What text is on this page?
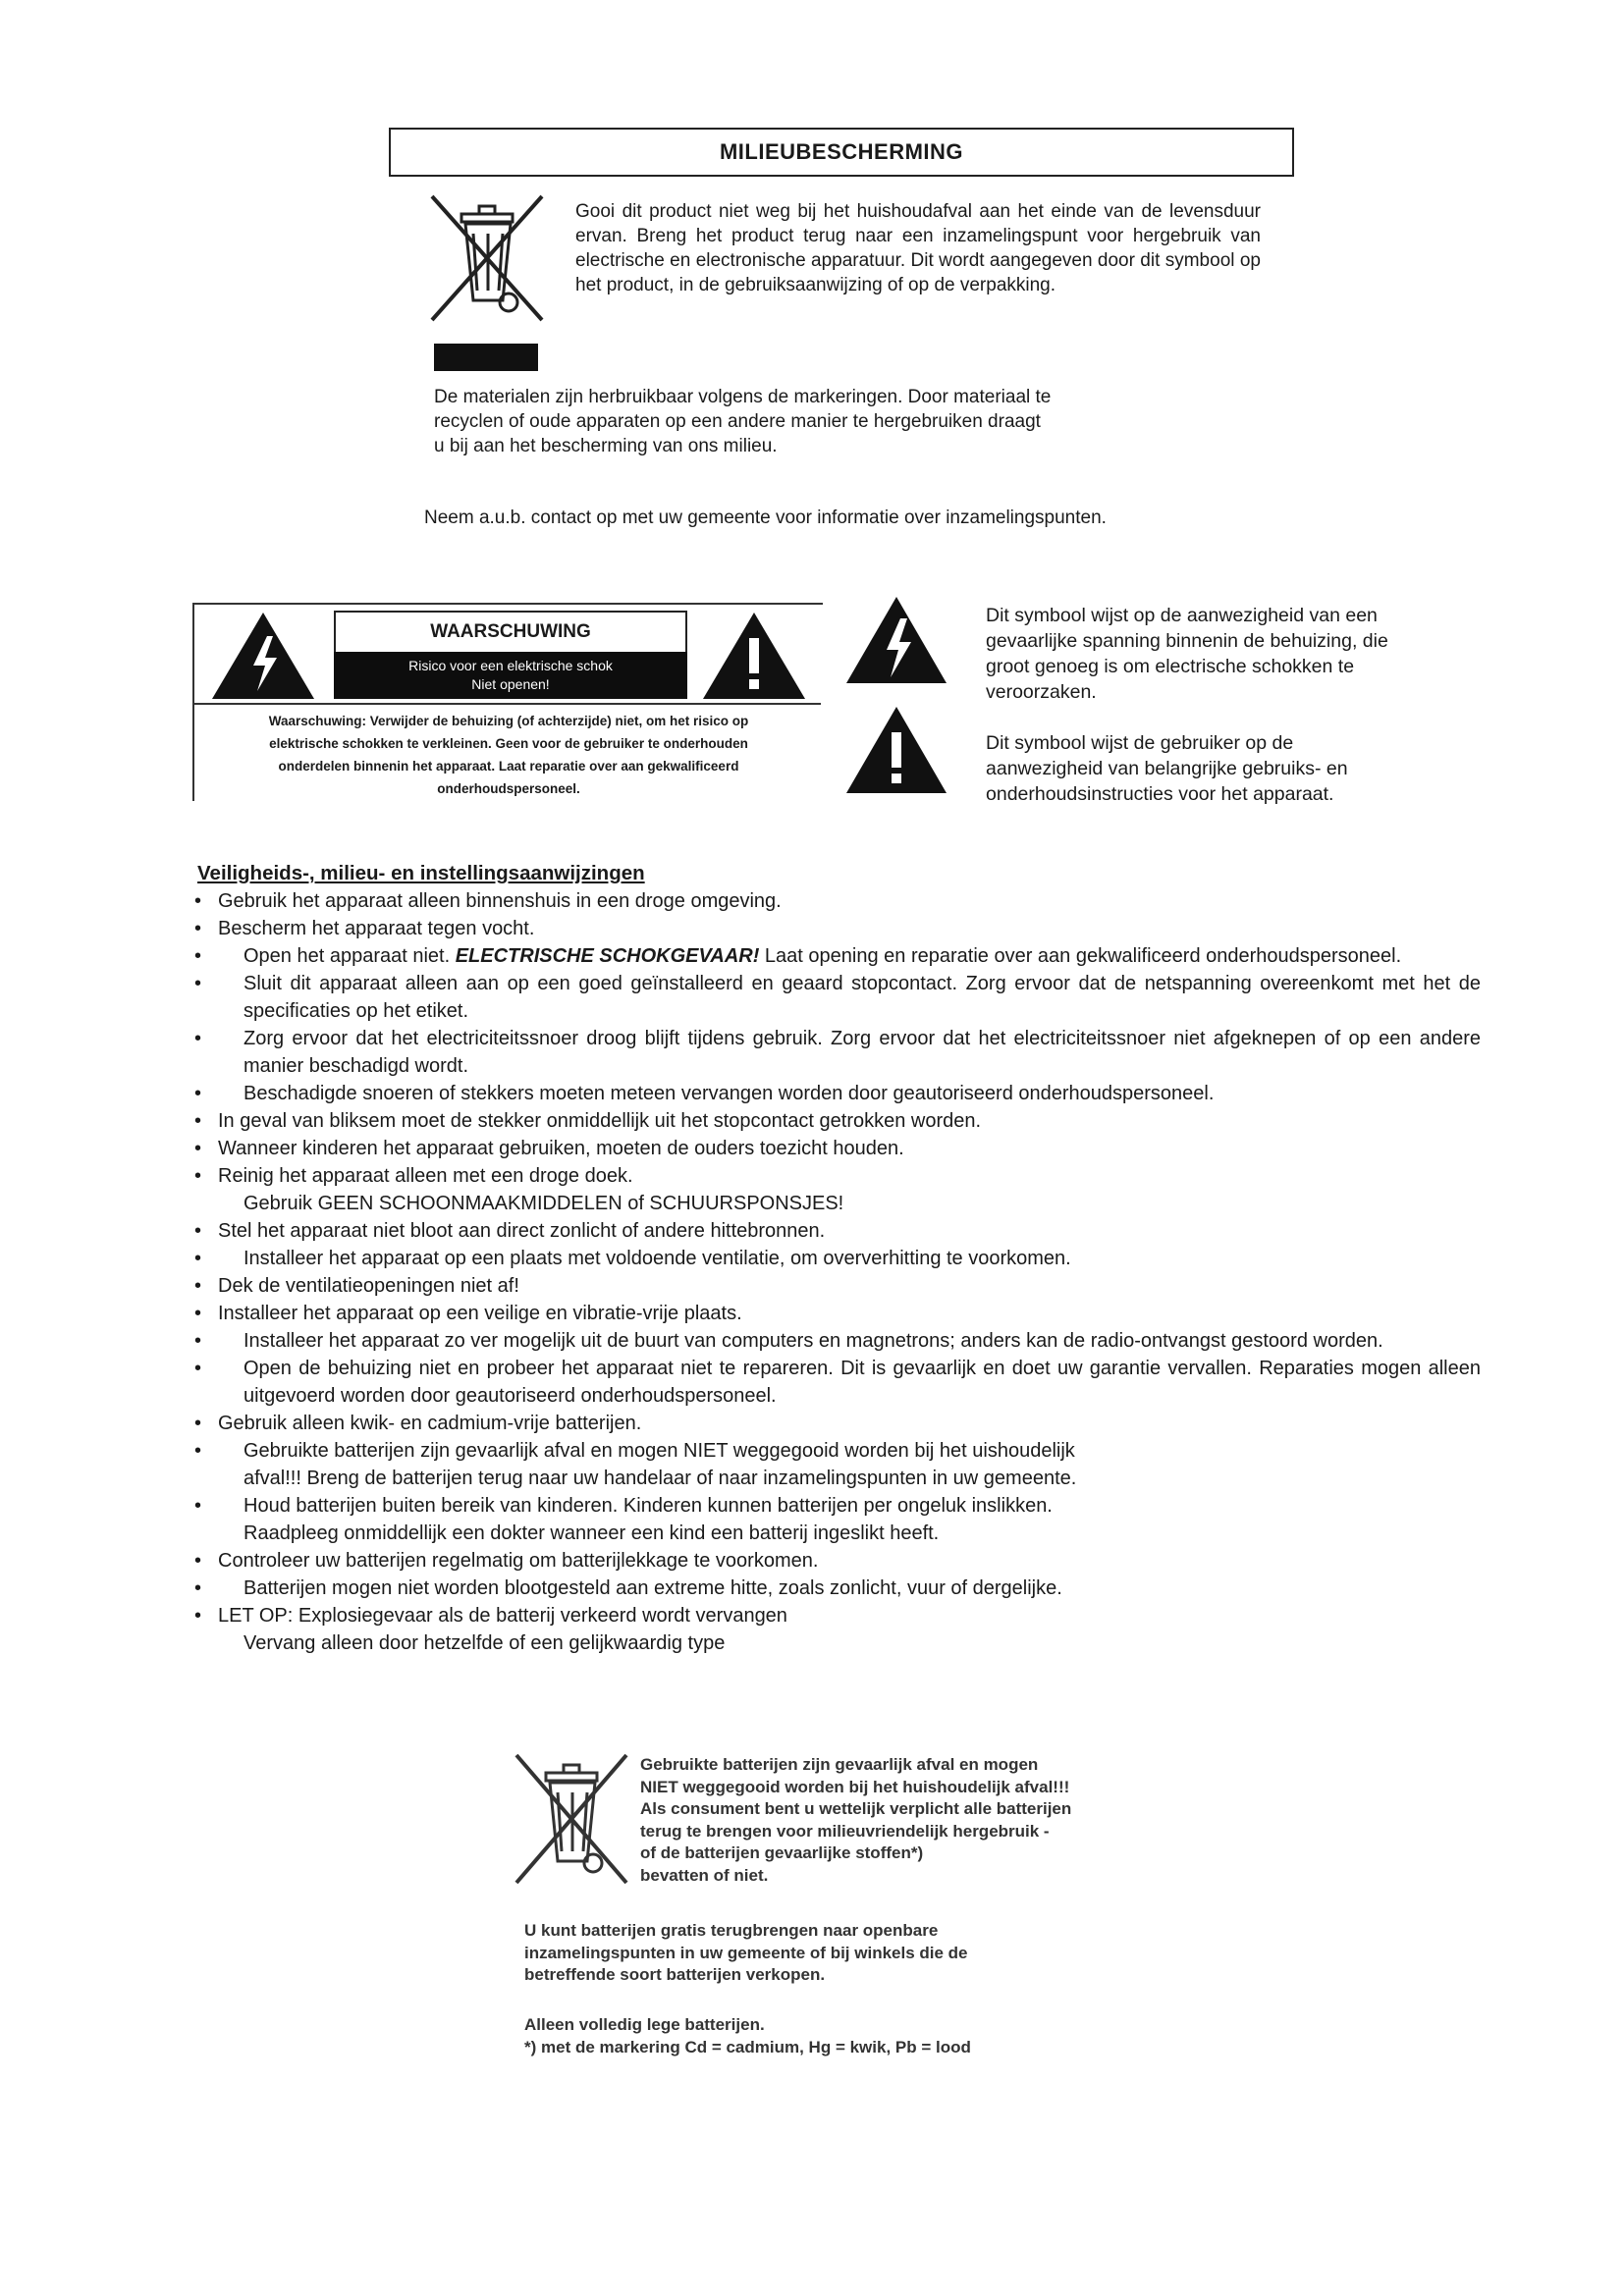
MILIEUBESCHERMING
Gooi dit product niet weg bij het huishoudafval aan het einde van de levensduur ervan. Breng het product terug naar een inzamelingspunt voor hergebruik van electrische en electronische apparatuur. Dit wordt aangegeven door dit symbool op het product, in de gebruiksaanwijzing of op de verpakking.
De materialen zijn herbruikbaar volgens de markeringen. Door materiaal te
recyclen of oude apparaten op een andere manier te hergebruiken draagt
u bij aan het bescherming van ons milieu.
Neem a.u.b. contact op met uw gemeente voor informatie over inzamelingspunten.
WAARSCHUWING
Risico voor een elektrische schok
Niet openen!
Waarschuwing: Verwijder de behuizing (of achterzijde) niet, om het risico op
elektrische schokken te verkleinen. Geen voor de gebruiker te onderhouden
onderdelen binnenin het apparaat. Laat reparatie over aan gekwalificeerd
onderhoudspersoneel.
Dit symbool wijst op de aanwezigheid van een
gevaarlijke spanning binnenin de behuizing, die
groot genoeg is om electrische schokken te
veroorzaken.
Dit symbool wijst de gebruiker op de
aanwezigheid van belangrijke gebruiks- en
onderhoudsinstructies voor het apparaat.
Veiligheids-, milieu- en instellingsaanwijzingen
• Gebruik het apparaat alleen binnenshuis in een droge omgeving.
• Bescherm het apparaat tegen vocht.
• Open het apparaat niet. ELECTRISCHE SCHOKGEVAAR! Laat opening en reparatie over aan gekwalificeerd onderhoudspersoneel.
• Sluit dit apparaat alleen aan op een goed geïnstalleerd en geaard stopcontact. Zorg ervoor dat de netspanning overeenkomt met het de specificaties op het etiket.
• Zorg ervoor dat het electriciteitssnoer droog blijft tijdens gebruik. Zorg ervoor dat het electriciteitssnoer niet afgeknepen of op een andere manier beschadigd wordt.
• Beschadigde snoeren of stekkers moeten meteen vervangen worden door geautoriseerd onderhoudspersoneel.
• In geval van bliksem moet de stekker onmiddellijk uit het stopcontact getrokken worden.
• Wanneer kinderen het apparaat gebruiken, moeten de ouders toezicht houden.
• Reinig het apparaat alleen met een droge doek.
Gebruik GEEN SCHOONMAAKMIDDELEN of SCHUURSPONSJES!
• Stel het apparaat niet bloot aan direct zonlicht of andere hittebronnen.
• Installeer het apparaat op een plaats met voldoende ventilatie, om oververhitting te voorkomen.
• Dek de ventilatieopeningen niet af!
• Installeer het apparaat op een veilige en vibratie-vrije plaats.
• Installeer het apparaat zo ver mogelijk uit de buurt van computers en magnetrons; anders kan de radio-ontvangst gestoord worden.
• Open de behuizing niet en probeer het apparaat niet te repareren. Dit is gevaarlijk en doet uw garantie vervallen. Reparaties mogen alleen uitgevoerd worden door geautoriseerd onderhoudspersoneel.
• Gebruik alleen kwik- en cadmium-vrije batterijen.
• Gebruikte batterijen zijn gevaarlijk afval en mogen NIET weggegooid worden bij het uishoudelijk
afval!!! Breng de batterijen terug naar uw handelaar of naar inzamelingspunten in uw gemeente.
• Houd batterijen buiten bereik van kinderen. Kinderen kunnen batterijen per ongeluk inslikken.
Raadpleeg onmiddellijk een dokter wanneer een kind een batterij ingeslikt heeft.
• Controleer uw batterijen regelmatig om batterijlekkage te voorkomen.
• Batterijen mogen niet worden blootgesteld aan extreme hitte, zoals zonlicht, vuur of dergelijke.
• LET OP: Explosiegevaar als de batterij verkeerd wordt vervangen
Vervang alleen door hetzelfde of een gelijkwaardig type
Gebruikte batterijen zijn gevaarlijk afval en mogen
NIET weggegooid worden bij het huishoudelijk afval!!!
Als consument bent u wettelijk verplicht alle batterijen
terug te brengen voor milieuvriendelijk hergebruik -
of de batterijen gevaarlijke stoffen*)
bevatten of niet.
U kunt batterijen gratis terugbrengen naar openbare
inzamelingspunten in uw gemeente of bij winkels die de
betreffende soort batterijen verkopen.
Alleen volledig lege batterijen.
*) met de markering Cd = cadmium, Hg = kwik, Pb = lood
